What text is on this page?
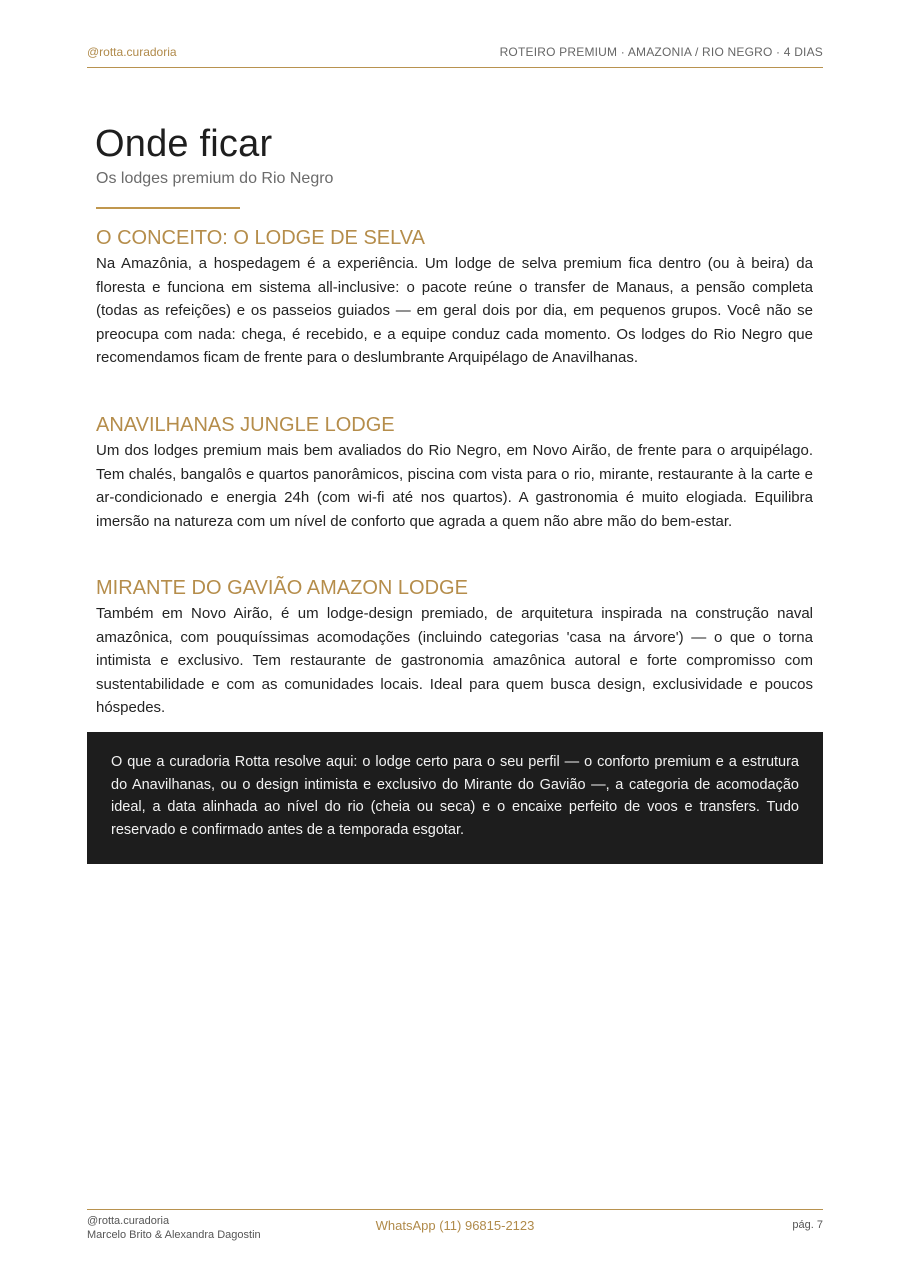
@rotta.curadoria	ROTEIRO PREMIUM · AMAZONIA / RIO NEGRO · 4 DIAS
Onde ficar
Os lodges premium do Rio Negro
O CONCEITO: O LODGE DE SELVA

Na Amazônia, a hospedagem é a experiência. Um lodge de selva premium fica dentro (ou à beira) da floresta e funciona em sistema all-inclusive: o pacote reúne o transfer de Manaus, a pensão completa (todas as refeições) e os passeios guiados — em geral dois por dia, em pequenos grupos. Você não se preocupa com nada: chega, é recebido, e a equipe conduz cada momento. Os lodges do Rio Negro que recomendamos ficam de frente para o deslumbrante Arquipélago de Anavilhanas.

ANAVILHANAS JUNGLE LODGE

Um dos lodges premium mais bem avaliados do Rio Negro, em Novo Airão, de frente para o arquipélago. Tem chalés, bangalôs e quartos panorâmicos, piscina com vista para o rio, mirante, restaurante à la carte e ar-condicionado e energia 24h (com wi-fi até nos quartos). A gastronomia é muito elogiada. Equilibra imersão na natureza com um nível de conforto que agrada a quem não abre mão do bem-estar.

MIRANTE DO GAVIÃO AMAZON LODGE

Também em Novo Airão, é um lodge-design premiado, de arquitetura inspirada na construção naval amazônica, com pouquíssimas acomodações (incluindo categorias 'casa na árvore') — o que o torna intimista e exclusivo. Tem restaurante de gastronomia amazônica autoral e forte compromisso com sustentabilidade e com as comunidades locais. Ideal para quem busca design, exclusividade e poucos hóspedes.

O que a curadoria Rotta resolve aqui: o lodge certo para o seu perfil — o conforto premium e a estrutura do Anavilhanas, ou o design intimista e exclusivo do Mirante do Gavião —, a categoria de acomodação ideal, a data alinhada ao nível do rio (cheia ou seca) e o encaixe perfeito de voos e transfers. Tudo reservado e confirmado antes de a temporada esgotar.

@rotta.curadoria
Marcelo Brito & Alexandra Dagostin
WhatsApp (11) 96815-2123	pág. 7
